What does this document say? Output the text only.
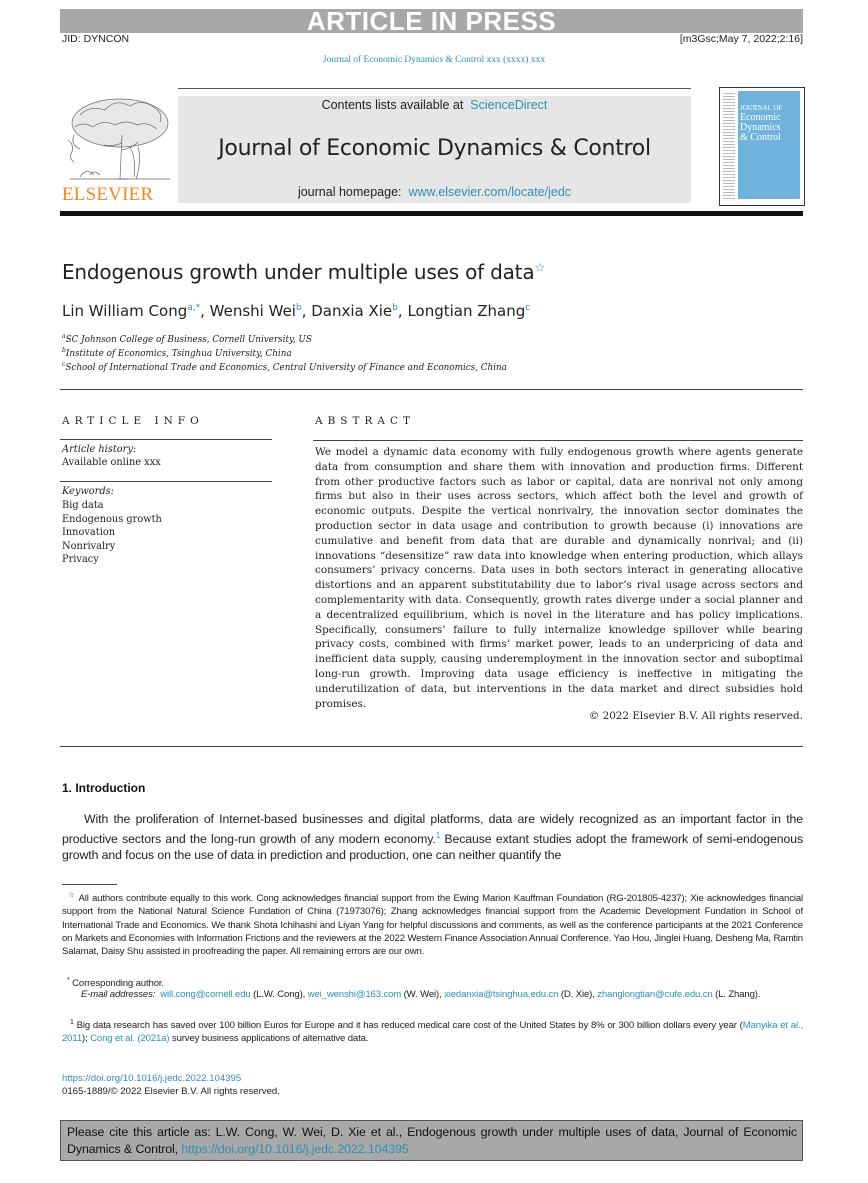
ARTICLE IN PRESS
JID: DYNCON	[m3Gsc;May 7, 2022;2:16]
Journal of Economic Dynamics & Control xxx (xxxx) xxx
ELSEVIER
Contents lists available at ScienceDirect
Journal of Economic Dynamics & Control
journal homepage: www.elsevier.com/locate/jedc
JOURNAL OF
Economic
Dynamics
& Control
Endogenous growth under multiple uses of data☆
Lin William Cong$^{a,*}$, Wenshi Wei$^b$, Danxia Xie$^b$, Longtian Zhang$^c$
$^a$SC Johnson College of Business, Cornell University, US
$^b$Institute of Economics, Tsinghua University, China
$^c$School of International Trade and Economics, Central University of Finance and Economics, China
ARTICLE INFO
Article history:
Available online xxx
Keywords:
Big data
Endogenous growth
Innovation
Nonrivalry
Privacy
ABSTRACT
We model a dynamic data economy with fully endogenous growth where agents generate data from consumption and share them with innovation and production firms. Different from other productive factors such as labor or capital, data are nonrival not only among firms but also in their uses across sectors, which affect both the level and growth of economic outputs. Despite the vertical nonrivalry, the innovation sector dominates the production sector in data usage and contribution to growth because (i) innovations are cumulative and benefit from data that are durable and dynamically nonrival; and (ii) innovations “desensitize” raw data into knowledge when entering production, which allays consumers’ privacy concerns. Data uses in both sectors interact in generating allocative distortions and an apparent substitutability due to labor’s rival usage across sectors and complementarity with data. Consequently, growth rates diverge under a social planner and a decentralized equilibrium, which is novel in the literature and has policy implications. Specifically, consumers’ failure to fully internalize knowledge spillover while bearing privacy costs, combined with firms’ market power, leads to an underpricing of data and inefficient data supply, causing underemployment in the innovation sector and suboptimal long-run growth. Improving data usage efficiency is ineffective in mitigating the underutilization of data, but interventions in the data market and direct subsidies hold promises.
© 2022 Elsevier B.V. All rights reserved.
1. Introduction
With the proliferation of Internet-based businesses and digital platforms, data are widely recognized as an important factor in the productive sectors and the long-run growth of any modern economy.$^1$ Because extant studies adopt the framework of semi-endogenous growth and focus on the use of data in prediction and production, one can neither quantify the
☆ All authors contribute equally to this work. Cong acknowledges financial support from the Ewing Marion Kauffman Foundation (RG-201805-4237); Xie acknowledges financial support from the National Natural Science Fundation of China (71973076); Zhang acknowledges financial support from the Academic Development Fundation in School of International Trade and Economics. We thank Shota Ichihashi and Liyan Yang for helpful discussions and comments, as well as the conference participants at the 2021 Conference on Markets and Economies with Information Frictions and the reviewers at the 2022 Western Finance Association Annual Conference. Yao Hou, Jinglei Huang, Desheng Ma, Ramtin Salamat, Daisy Shu assisted in proofreading the paper. All remaining errors are our own.
* Corresponding author.
E-mail addresses: will.cong@cornell.edu (L.W. Cong), wei_wenshi@163.com (W. Wei), xiedanxia@tsinghua.edu.cn (D. Xie), zhanglongtian@cufe.edu.cn (L. Zhang).
$^1$ Big data research has saved over 100 billion Euros for Europe and it has reduced medical care cost of the United States by 8% or 300 billion dollars every year (Manyika et al., 2011); Cong et al. (2021a) survey business applications of alternative data.
https://doi.org/10.1016/j.jedc.2022.104395
0165-1889/© 2022 Elsevier B.V. All rights reserved.
Please cite this article as: L.W. Cong, W. Wei, D. Xie et al., Endogenous growth under multiple uses of data, Journal of Economic Dynamics & Control, https://doi.org/10.1016/j.jedc.2022.104395
